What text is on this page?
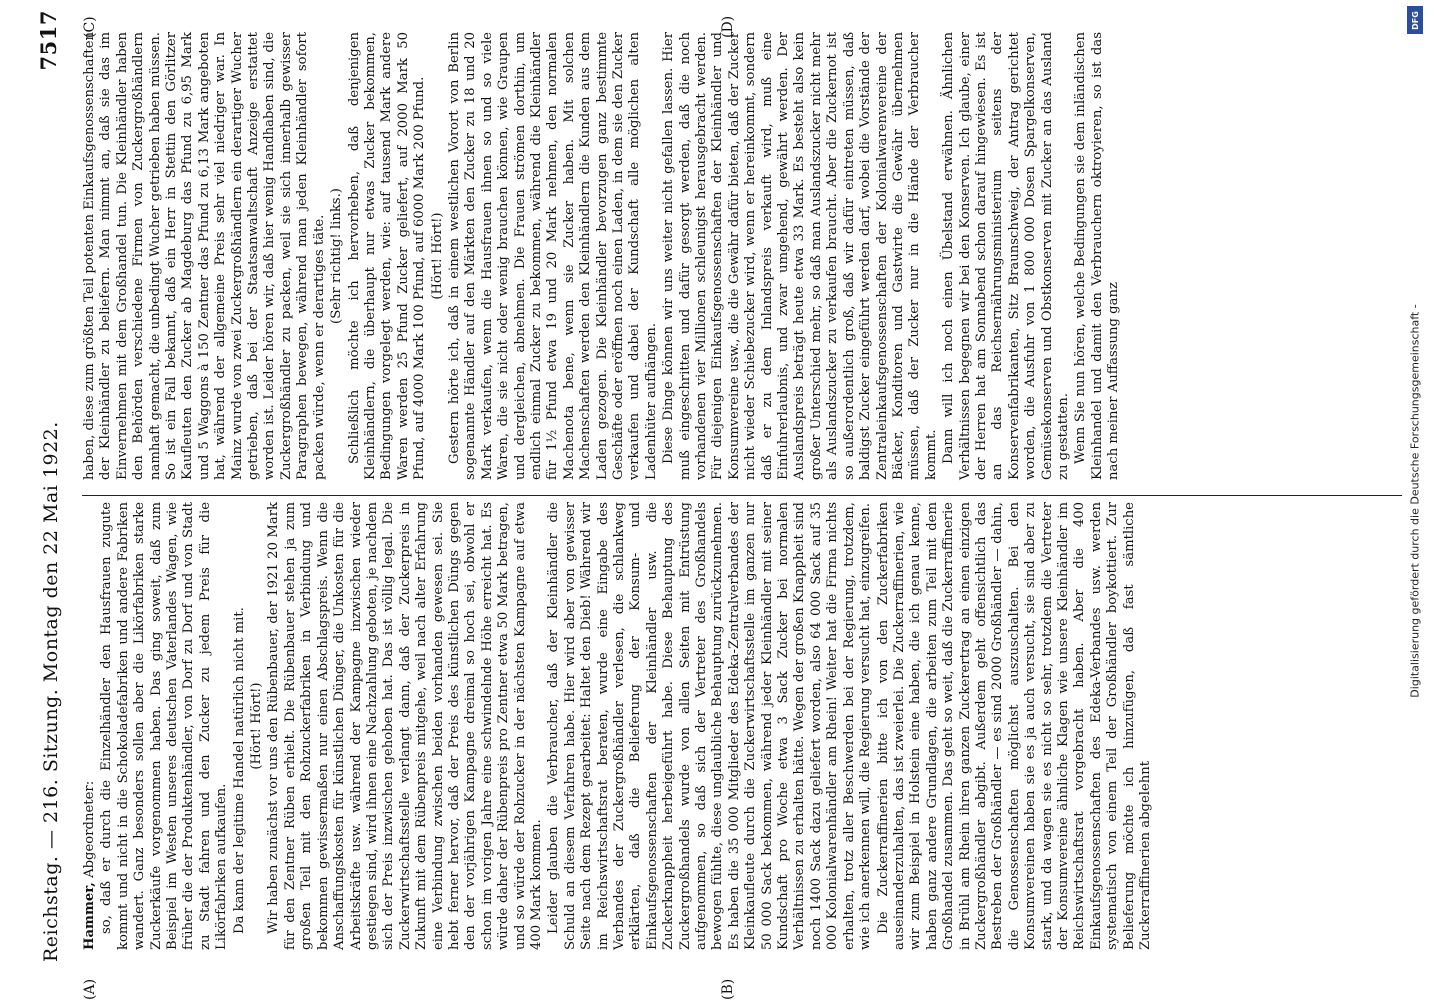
Reichstag. — 216. Sitzung. Montag den 22 Mai 1922.
7517
(A)	(B)
(C)	(D)

Hammer, Abgeordneter: so, daß er durch die Einzelhändler den Hausfrauen zugute kommt und nicht in die Schokoladefabriken und andere Fabriken wandert. Ganz besonders sollen aber die Likörfabriken starke Zuckerkäufe vorgenommen haben. Das ging soweit, daß zum Beispiel im Westen unseres deutschen Vaterlandes Wagen, wie früher die der Produktenhändler, von Dorf zu Dorf und von Stadt zu Stadt fahren und den Zucker zu jedem Preis für die Likörfabriken aufkaufen. Da kann der legitime Handel natürlich nicht mit. (Hört! Hört!) Wir haben zunächst vor uns den Rübenbauer, der 1921 20 Mark für den Zentner Rüben erhielt. Die Rübenbauer stehen ja zum großen Teil mit den Rohzuckerfabriken in Verbindung und bekommen gewissermaßen nur einen Abschlagspreis. Wenn die Anschaffungskosten für künstlichen Dünger, die Unkosten für die Arbeitskräfte usw. während der Kampagne inzwischen wieder gestiegen sind, wird ihnen eine Nachzahlung geboten, je nachdem sich der Preis inzwischen gehoben hat. Das ist völlig legal. Die Zuckerwirtschaftsstelle verlangt dann, daß der Zuckerpreis in Zukunft mit dem Rübenpreis mitgehe, weil nach alter Erfahrung eine Verbindung zwischen beiden vorhanden gewesen sei. Sie hebt ferner hervor, daß der Preis des künstlichen Düngs gegen den der vorjährigen Kampagne dreimal so hoch sei, obwohl er schon im vorigen Jahre eine schwindelnde Höhe erreicht hat. Es würde daher der Rübenpreis pro Zentner etwa 50 Mark betragen, und so würde der Rohzucker in der nächsten Kampagne auf etwa 400 Mark kommen. Leider glauben die Verbraucher, daß der Kleinhändler die Schuld an diesem Verfahren habe. Hier wird aber von gewisser Seite nach dem Rezept gearbeitet: Haltet den Dieb! Während wir im Reichswirtschaftsrat beraten, wurde eine Eingabe des Verbandes der Zuckergroßhändler verlesen, die schlankweg erklärten, daß die Belieferung der Konsum- und Einkaufsgenossenschaften der Kleinhändler usw. die Zuckerknappheit herbeigeführt habe. Diese Behauptung des Zuckergroßhandels wurde von allen Seiten mit Entrüstung aufgenommen, so daß sich der Vertreter des Großhandels bewogen fühlte, diese unglaubliche Behauptung zurückzunehmen. Es haben die 35 000 Mitglieder des Edeka-Zentralverbandes der Kleinkaufleute durch die Zuckerwirtschaftsstelle im ganzen nur 50 000 Sack bekommen, während jeder Kleinhändler mit seiner Kundschaft pro Woche etwa 3 Sack Zucker bei normalen Verhältnissen zu erhalten hätte. Wegen der großen Knappheit sind noch 1400 Sack dazu geliefert worden, also 64 000 Sack auf 35 000 Kolonialwarenhändler am Rhein! Weiter hat die Firma nichts erhalten, trotz aller Beschwerden bei der Regierung, trotzdem, wie ich anerkennen will, die Regierung versucht hat, einzugreifen. Die Zuckerraffinerien bitte ich von den Zuckerfabriken auseinanderzuhalten, das ist zweierlei. Die Zuckerraffinerien, wie wir zum Beispiel in Holstein eine haben, die ich genau kenne, haben ganz andere Grundlagen, die arbeiten zum Teil mit dem Großhandel zusammen. Das geht so weit, daß die Zuckerraffinerie in Brühl am Rhein ihren ganzen Zuckerertrag an einen einzigen Zuckergroßhändler abgibt. Außerdem geht offensichtlich das Bestreben der Großhändler — es sind 2000 Großhändler — dahin, die Genossenschaften möglichst auszuschalten. Bei den Konsumvereinen haben sie es ja auch versucht, sie sind aber zu stark, und da wagen sie es nicht so sehr, trotzdem die Vertreter der Konsumvereine ähnliche Klagen wie unsere Kleinhändler im Reichswirtschaftsrat vorgebracht haben. Aber die 400 Einkaufsgenossenschaften des Edeka-Verbandes usw. werden systematisch von einem Teil der Großhändler boykottiert. Zur Belieferung möchte ich hinzufügen, daß fast sämtliche Zuckerraffinerien abgelehnt

haben, diese zum größten Teil potenten Einkaufsgenossenschaften der Kleinhändler zu beliefern. Man nimmt an, daß sie das im Einvernehmen mit dem Großhandel tun. Die Kleinhändler haben den Behörden verschiedene Firmen von Zuckergroßhändlern namhaft gemacht, die unbedingt Wucher getrieben haben müssen. So ist ein Fall bekannt, daß ein Herr in Stettin den Görlitzer Kaufleuten den Zucker ab Magdeburg das Pfund zu 6,95 Mark und 5 Waggons à 150 Zentner das Pfund zu 6,13 Mark angeboten hat, während der allgemeine Preis sehr viel niedriger war. In Mainz wurde von zwei Zuckergroßhändlern ein derartiger Wucher getrieben, daß bei der Staatsanwaltschaft Anzeige erstattet worden ist. Leider hören wir, daß hier wenig Handhaben sind, die Zuckergroßhändler zu packen, weil sie sich innerhalb gewisser Paragraphen bewegen, während man jeden Kleinhändler sofort packen würde, wenn er derartiges täte. (Sehr richtig! links.) Schließlich möchte ich hervorheben, daß denjenigen Kleinhändlern, die überhaupt nur etwas Zucker bekommen, Bedingungen vorgelegt werden, wie: auf tausend Mark andere Waren werden 25 Pfund Zucker geliefert, auf 2000 Mark 50 Pfund, auf 4000 Mark 100 Pfund, auf 6000 Mark 200 Pfund. (Hört! Hört!) Gestern hörte ich, daß in einem westlichen Vorort von Berlin sogenannte Händler auf den Märkten den Zucker zu 18 und 20 Mark verkaufen, wenn die Hausfrauen ihnen so und so viele Waren, die sie nicht oder wenig brauchen können, wie Graupen und dergleichen, abnehmen. Die Frauen strömen dorthin, um endlich einmal Zucker zu bekommen, während die Kleinhändler für 1½ Pfund etwa 19 und 20 Mark nehmen, den normalen Machenota bene, wenn sie Zucker haben. Mit solchen Machenschaften werden den Kleinhändlern die Kunden aus dem Laden gezogen. Die Kleinhändler bevorzugen ganz bestimmte Geschäfte oder eröffnen noch einen Laden, in dem sie den Zucker verkaufen und dabei der Kundschaft alle möglichen alten Ladenhüter aufhängen. Diese Dinge können wir uns weiter nicht gefallen lassen. Hier muß eingeschritten und dafür gesorgt werden, daß die noch vorhandenen vier Millionen schleunigst herausgebracht werden. Für diejenigen Einkaufsgenossenschaften der Kleinhändler und Konsumvereine usw., die die Gewähr dafür bieten, daß der Zucker nicht wieder Schiebezucker wird, wenn er hereinkommt, sondern daß er zu dem Inlandspreis verkauft wird, muß eine Einfuhrerlaubnis, und zwar umgehend, gewährt werden. Der Auslandspreis beträgt heute etwa 33 Mark. Es besteht also kein großer Unterschied mehr, so daß man Auslandszucker nicht mehr als Auslandszucker zu verkaufen braucht. Aber die Zuckernot ist so außerordentlich groß, daß wir dafür eintreten müssen, daß baldigst Zucker eingeführt werden darf, wobei die Vorstände der Zentraleinkaufsgenossenschaften der Kolonialwarenvereine der Bäcker, Konditoren und Gastwirte die Gewähr übernehmen müssen, daß der Zucker nur in die Hände der Verbraucher kommt. Dann will ich noch einen Übelstand erwähnen. Ähnlichen Verhältnissen begegnen wir bei den Konserven. Ich glaube, einer der Herren hat am Sonnabend schon darauf hingewiesen. Es ist an das Reichsernährungsministerium seitens der Konservenfabrikanten, Sitz Braunschweig, der Antrag gerichtet worden, die Ausfuhr von 1 800 000 Dosen Spargelkonserven, Gemüsekonserven und Obstkonserven mit Zucker an das Ausland zu gestatten. Wenn Sie nun hören, welche Bedingungen sie dem inländischen Kleinhandel und damit den Verbrauchern oktroyieren, so ist das nach meiner Auffassung ganz

DFG
Digitalisierung gefördert durch die Deutsche Forschungsgemeinschaft -
